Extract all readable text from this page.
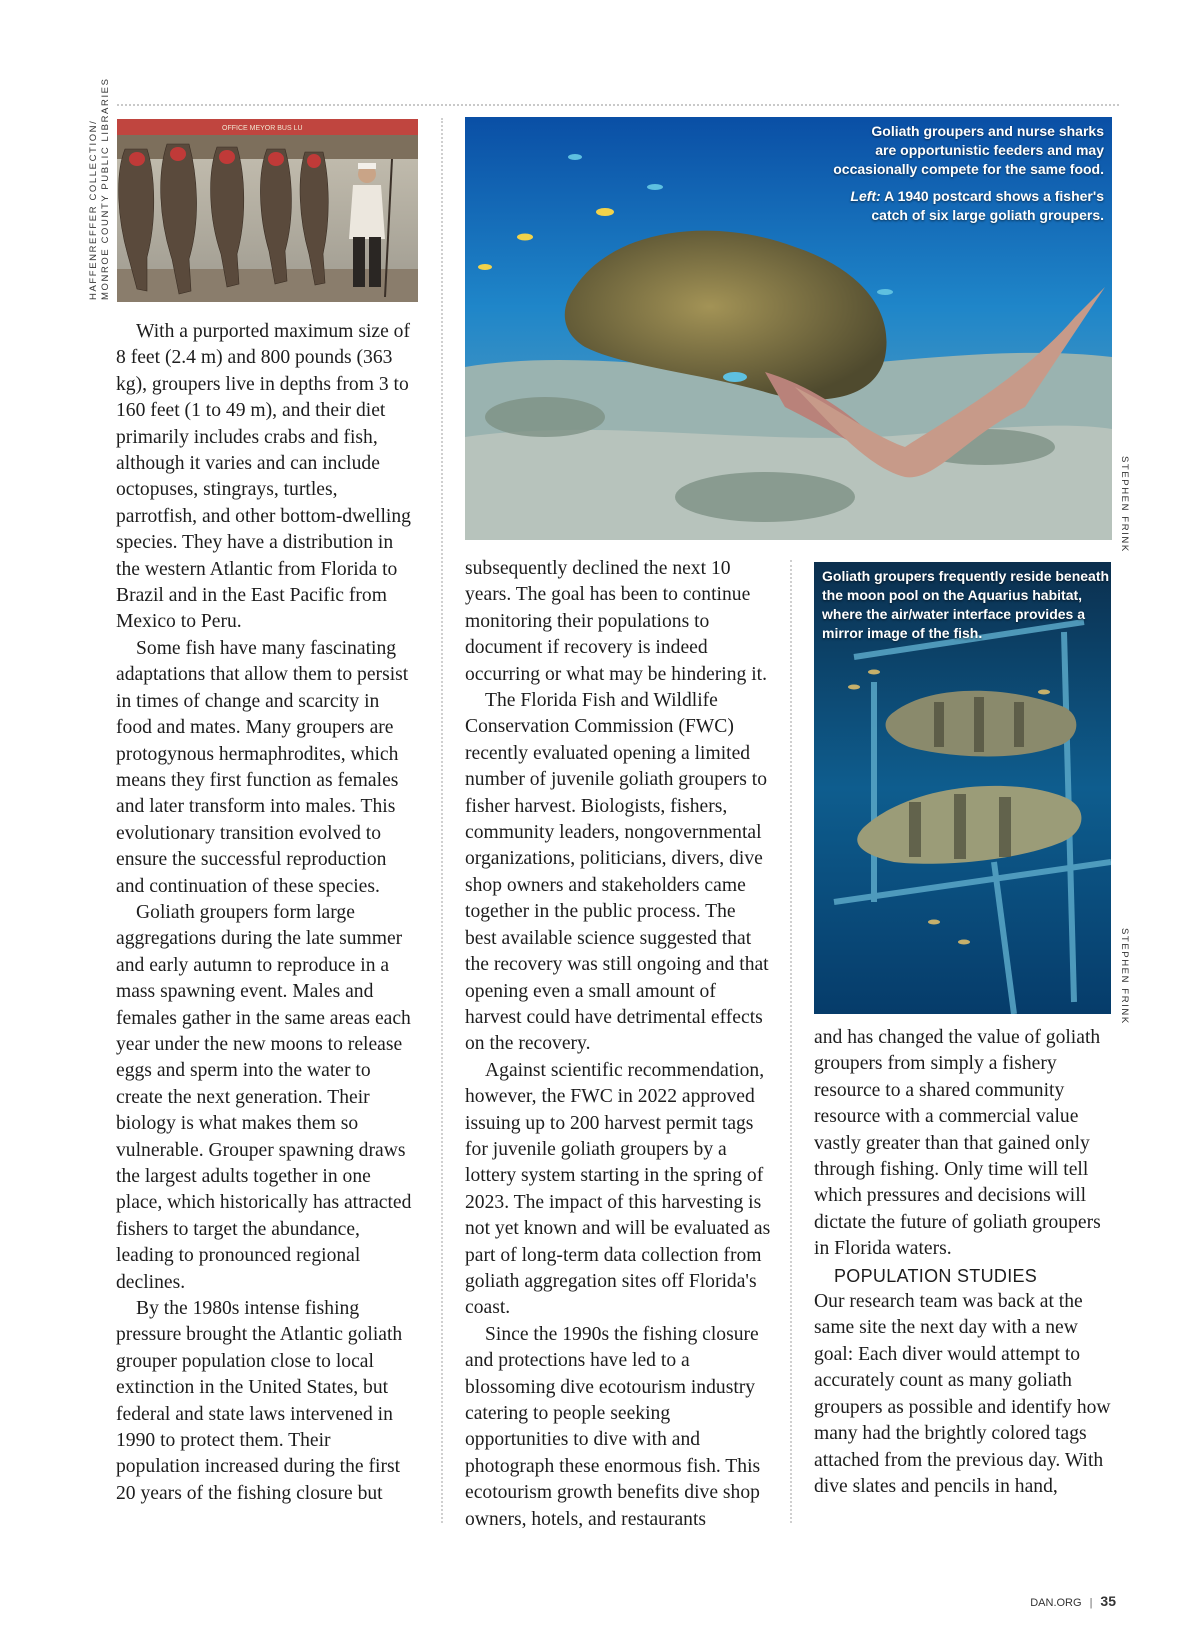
HAFFENREFFER COLLECTION/ MONROE COUNTY PUBLIC LIBRARIES	OFFICE MEYOR BUS LU

With a purported maximum size of 8 feet (2.4 m) and 800 pounds (363 kg), groupers live in depths from 3 to 160 feet (1 to 49 m), and their diet primarily includes crabs and fish, although it varies and can include octopuses, stingrays, turtles, parrotfish, and other bottom-dwelling species. They have a distribution in the western Atlantic from Florida to Brazil and in the East Pacific from Mexico to Peru.

Some fish have many fascinating adaptations that allow them to persist in times of change and scarcity in food and mates. Many groupers are protogynous hermaphrodites, which means they first function as females and later transform into males. This evolutionary transition evolved to ensure the successful reproduction and continuation of these species.

Goliath groupers form large aggregations during the late summer and early autumn to reproduce in a mass spawning event. Males and females gather in the same areas each year under the new moons to release eggs and sperm into the water to create the next generation. Their biology is what makes them so vulnerable. Grouper spawning draws the largest adults together in one place, which historically has attracted fishers to target the abundance, leading to pronounced regional declines.

By the 1980s intense fishing pressure brought the Atlantic goliath grouper population close to local extinction in the United States, but federal and state laws intervened in 1990 to protect them. Their population increased during the first 20 years of the fishing closure but

Goliath groupers and nurse sharks
are opportunistic feeders and may
occasionally compete for the same food.
Left: A 1940 postcard shows a fisher's
catch of six large goliath groupers.
STEPHEN FRINK

subsequently declined the next 10 years. The goal has been to continue monitoring their populations to document if recovery is indeed occurring or what may be hindering it.

The Florida Fish and Wildlife Conservation Commission (FWC) recently evaluated opening a limited number of juvenile goliath groupers to fisher harvest. Biologists, fishers, community leaders, nongovernmental organizations, politicians, divers, dive shop owners and stakeholders came together in the public process. The best available science suggested that the recovery was still ongoing and that opening even a small amount of harvest could have detrimental effects on the recovery.

Against scientific recommendation, however, the FWC in 2022 approved issuing up to 200 harvest permit tags for juvenile goliath groupers by a lottery system starting in the spring of 2023. The impact of this harvesting is not yet known and will be evaluated as part of long-term data collection from goliath aggregation sites off Florida's coast.

Since the 1990s the fishing closure and protections have led to a blossoming dive ecotourism industry catering to people seeking opportunities to dive with and photograph these enormous fish. This ecotourism growth benefits dive shop owners, hotels, and restaurants

Goliath groupers frequently reside beneath
the moon pool on the Aquarius habitat,
where the air/water interface provides a
mirror image of the fish.
STEPHEN FRINK

and has changed the value of goliath groupers from simply a fishery resource to a shared community resource with a commercial value vastly greater than that gained only through fishing. Only time will tell which pressures and decisions will dictate the future of goliath groupers in Florida waters.

POPULATION STUDIES

Our research team was back at the same site the next day with a new goal: Each diver would attempt to accurately count as many goliath groupers as possible and identify how many had the brightly colored tags attached from the previous day. With dive slates and pencils in hand,

DAN.ORG | 35
